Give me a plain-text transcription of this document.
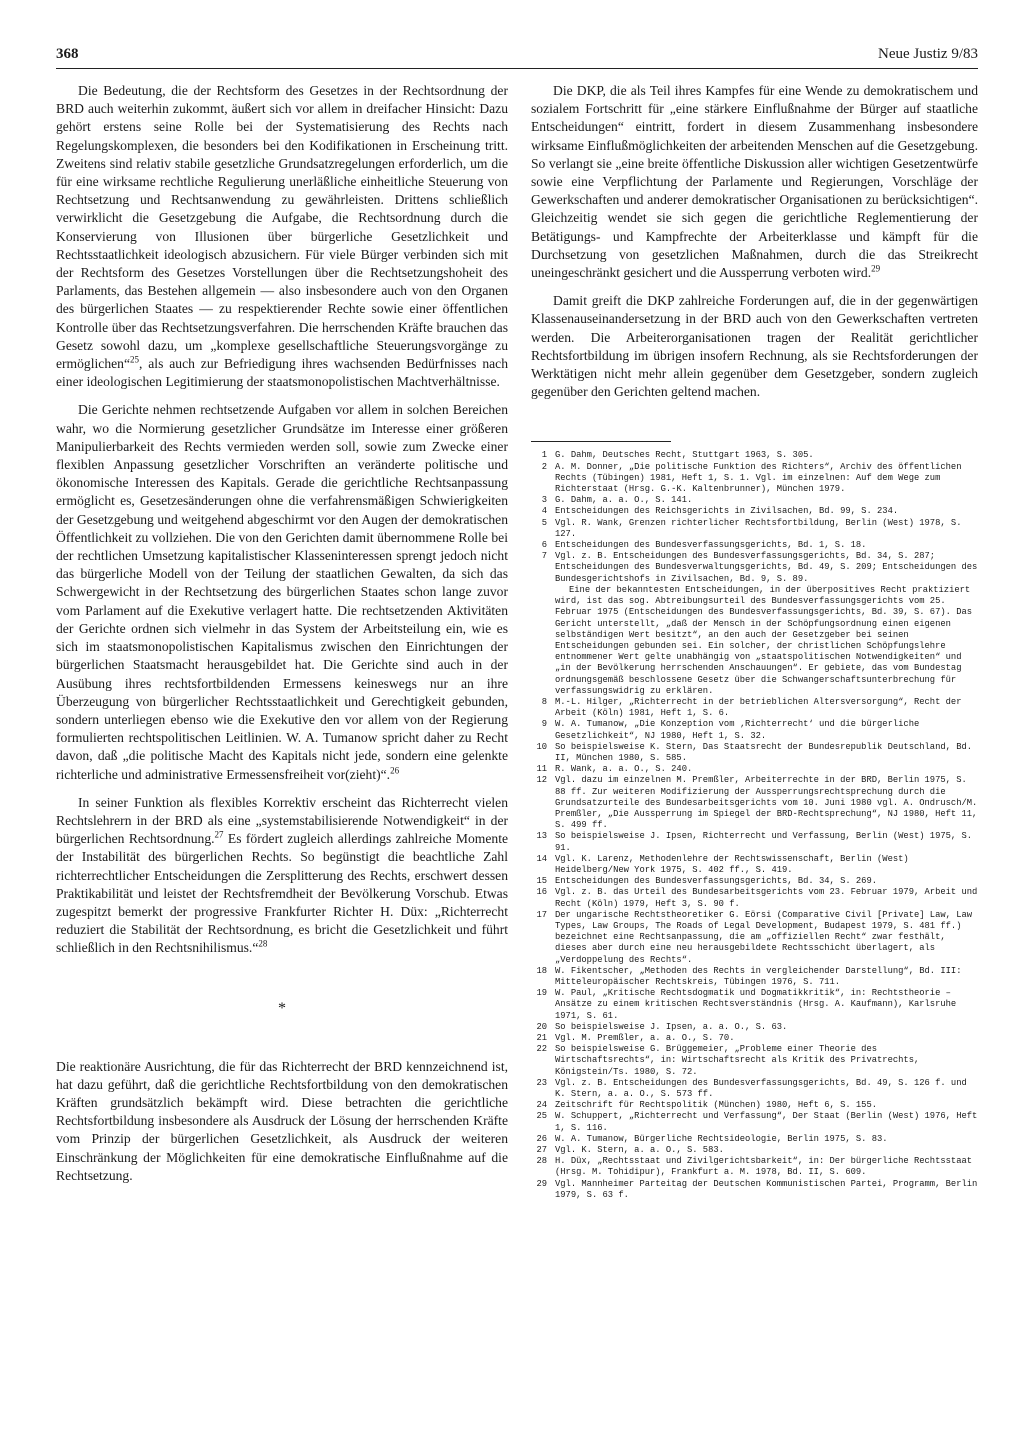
368	Neue Justiz 9/83

Die Bedeutung, die der Rechtsform des Gesetzes in der Rechtsordnung der BRD auch weiterhin zukommt, äußert sich vor allem in dreifacher Hinsicht: Dazu gehört erstens seine Rolle bei der Systematisierung des Rechts nach Regelungskomplexen, die besonders bei den Kodifikationen in Erscheinung tritt. Zweitens sind relativ stabile gesetzliche Grundsatzregelungen erforderlich, um die für eine wirksame rechtliche Regulierung unerläßliche einheitliche Steuerung von Rechtsetzung und Rechtsanwendung zu gewährleisten. Drittens schließlich verwirklicht die Gesetzgebung die Aufgabe, die Rechtsordnung durch die Konservierung von Illusionen über bürgerliche Gesetzlichkeit und Rechtsstaatlichkeit ideologisch abzusichern. Für viele Bürger verbinden sich mit der Rechtsform des Gesetzes Vorstellungen über die Rechtsetzungshoheit des Parlaments, das Bestehen allgemein — also insbesondere auch von den Organen des bürgerlichen Staates — zu respektierender Rechte sowie einer öffentlichen Kontrolle über das Rechtsetzungsverfahren. Die herrschenden Kräfte brauchen das Gesetz sowohl dazu, um „komplexe gesellschaftliche Steuerungsvorgänge zu ermöglichen“$^{25}$, als auch zur Befriedigung ihres wachsenden Bedürfnisses nach einer ideologischen Legitimierung der staatsmonopolistischen Machtverhältnisse.

Die Gerichte nehmen rechtsetzende Aufgaben vor allem in solchen Bereichen wahr, wo die Normierung gesetzlicher Grundsätze im Interesse einer größeren Manipulierbarkeit des Rechts vermieden werden soll, sowie zum Zwecke einer flexiblen Anpassung gesetzlicher Vorschriften an veränderte politische und ökonomische Interessen des Kapitals. Gerade die gerichtliche Rechtsanpassung ermöglicht es, Gesetzesänderungen ohne die verfahrensmäßigen Schwierigkeiten der Gesetzgebung und weitgehend abgeschirmt vor den Augen der demokratischen Öffentlichkeit zu vollziehen. Die von den Gerichten damit übernommene Rolle bei der rechtlichen Umsetzung kapitalistischer Klasseninteressen sprengt jedoch nicht das bürgerliche Modell von der Teilung der staatlichen Gewalten, da sich das Schwergewicht in der Rechtsetzung des bürgerlichen Staates schon lange zuvor vom Parlament auf die Exekutive verlagert hatte. Die rechtsetzenden Aktivitäten der Gerichte ordnen sich vielmehr in das System der Arbeitsteilung ein, wie es sich im staatsmonopolistischen Kapitalismus zwischen den Einrichtungen der bürgerlichen Staatsmacht herausgebildet hat. Die Gerichte sind auch in der Ausübung ihres rechtsfortbildenden Ermessens keineswegs nur an ihre Überzeugung von bürgerlicher Rechtsstaatlichkeit und Gerechtigkeit gebunden, sondern unterliegen ebenso wie die Exekutive den vor allem von der Regierung formulierten rechtspolitischen Leitlinien. W. A. Tumanow spricht daher zu Recht davon, daß „die politische Macht des Kapitals nicht jede, sondern eine gelenkte richterliche und administrative Ermessensfreiheit vor(zieht)“.$^{26}$

In seiner Funktion als flexibles Korrektiv erscheint das Richterrecht vielen Rechtslehrern in der BRD als eine „systemstabilisierende Notwendigkeit“ in der bürgerlichen Rechtsordnung.$^{27}$ Es fördert zugleich allerdings zahlreiche Momente der Instabilität des bürgerlichen Rechts. So begünstigt die beachtliche Zahl richterrechtlicher Entscheidungen die Zersplitterung des Rechts, erschwert dessen Praktikabilität und leistet der Rechtsfremdheit der Bevölkerung Vorschub. Etwas zugespitzt bemerkt der progressive Frankfurter Richter H. Düx: „Richterrecht reduziert die Stabilität der Rechtsordnung, es bricht die Gesetzlichkeit und führt schließlich in den Rechtsnihilismus.“$^{28}$

*

Die reaktionäre Ausrichtung, die für das Richterrecht der BRD kennzeichnend ist, hat dazu geführt, daß die gerichtliche Rechtsfortbildung von den demokratischen Kräften grundsätzlich bekämpft wird. Diese betrachten die gerichtliche Rechtsfortbildung insbesondere als Ausdruck der Lösung der herrschenden Kräfte vom Prinzip der bürgerlichen Gesetzlichkeit, als Ausdruck der weiteren Einschränkung der Möglichkeiten für eine demokratische Einflußnahme auf die Rechtsetzung.

Die DKP, die als Teil ihres Kampfes für eine Wende zu demokratischem und sozialem Fortschritt für „eine stärkere Einflußnahme der Bürger auf staatliche Entscheidungen“ eintritt, fordert in diesem Zusammenhang insbesondere wirksame Einflußmöglichkeiten der arbeitenden Menschen auf die Gesetzgebung. So verlangt sie „eine breite öffentliche Diskussion aller wichtigen Gesetzentwürfe sowie eine Verpflichtung der Parlamente und Regierungen, Vorschläge der Gewerkschaften und anderer demokratischer Organisationen zu berücksichtigen“. Gleichzeitig wendet sie sich gegen die gerichtliche Reglementierung der Betätigungs- und Kampfrechte der Arbeiterklasse und kämpft für die Durchsetzung von gesetzlichen Maßnahmen, durch die das Streikrecht uneingeschränkt gesichert und die Aussperrung verboten wird.$^{29}$

Damit greift die DKP zahlreiche Forderungen auf, die in der gegenwärtigen Klassenauseinandersetzung in der BRD auch von den Gewerkschaften vertreten werden. Die Arbeiterorganisationen tragen der Realität gerichtlicher Rechtsfortbildung im übrigen insofern Rechnung, als sie Rechtsforderungen der Werktätigen nicht mehr allein gegenüber dem Gesetzgeber, sondern zugleich gegenüber den Gerichten geltend machen.

1 G. Dahm, Deutsches Recht, Stuttgart 1963, S. 305.
2 A. M. Donner, „Die politische Funktion des Richters“, Archiv des öffentlichen Rechts (Tübingen) 1981, Heft 1, S. 1. Vgl. im einzelnen: Auf dem Wege zum Richterstaat (Hrsg. G.-K. Kaltenbrunner), München 1979.
3 G. Dahm, a. a. O., S. 141.
4 Entscheidungen des Reichsgerichts in Zivilsachen, Bd. 99, S. 234.
5 Vgl. R. Wank, Grenzen richterlicher Rechtsfortbildung, Berlin (West) 1978, S. 127.
6 Entscheidungen des Bundesverfassungsgerichts, Bd. 1, S. 18.
7 Vgl. z. B. Entscheidungen des Bundesverfassungsgerichts, Bd. 34, S. 287; Entscheidungen des Bundesverwaltungsgerichts, Bd. 49, S. 209; Entscheidungen des Bundesgerichtshofs in Zivilsachen, Bd. 9, S. 89.

Eine der bekanntesten Entscheidungen, in der überpositives Recht praktiziert wird, ist das sog. Abtreibungsurteil des Bundesverfassungsgerichts vom 25. Februar 1975 (Entscheidungen des Bundesverfassungsgerichts, Bd. 39, S. 67). Das Gericht unterstellt, „daß der Mensch in der Schöpfungsordnung einen eigenen selbständigen Wert besitzt“, an den auch der Gesetzgeber bei seinen Entscheidungen gebunden sei. Ein solcher, der christlichen Schöpfungslehre entnommener Wert gelte unabhängig von „staatspolitischen Notwendigkeiten“ und „in der Bevölkerung herrschenden Anschauungen“. Er gebiete, das vom Bundestag ordnungsgemäß beschlossene Gesetz über die Schwangerschaftsunterbrechung für verfassungswidrig zu erklären.

8 M.-L. Hilger, „Richterrecht in der betrieblichen Altersversorgung“, Recht der Arbeit (Köln) 1981, Heft 1, S. 6.
9 W. A. Tumanow, „Die Konzeption vom ‚Richterrecht‘ und die bürgerliche Gesetzlichkeit“, NJ 1980, Heft 1, S. 32.
10 So beispielsweise K. Stern, Das Staatsrecht der Bundesrepublik Deutschland, Bd. II, München 1980, S. 585.
11 R. Wank, a. a. O., S. 240.
12 Vgl. dazu im einzelnen M. Premßler, Arbeiterrechte in der BRD, Berlin 1975, S. 88 ff. Zur weiteren Modifizierung der Aussperrungsrechtsprechung durch die Grundsatzurteile des Bundesarbeitsgerichts vom 10. Juni 1980 vgl. A. Ondrusch/M. Premßler, „Die Aussperrung im Spiegel der BRD-Rechtsprechung“, NJ 1980, Heft 11, S. 499 ff.
13 So beispielsweise J. Ipsen, Richterrecht und Verfassung, Berlin (West) 1975, S. 91.
14 Vgl. K. Larenz, Methodenlehre der Rechtswissenschaft, Berlin (West) Heidelberg/New York 1975, S. 402 ff., S. 419.
15 Entscheidungen des Bundesverfassungsgerichts, Bd. 34, S. 269.
16 Vgl. z. B. das Urteil des Bundesarbeitsgerichts vom 23. Februar 1979, Arbeit und Recht (Köln) 1979, Heft 3, S. 90 f.
17 Der ungarische Rechtstheoretiker G. Eörsi (Comparative Civil [Private] Law, Law Types, Law Groups, The Roads of Legal Development, Budapest 1979, S. 481 ff.) bezeichnet eine Rechtsanpassung, die am „offiziellen Recht“ zwar festhält, dieses aber durch eine neu herausgebildete Rechtsschicht überlagert, als „Verdoppelung des Rechts“.
18 W. Fikentscher, „Methoden des Rechts in vergleichender Darstellung“, Bd. III: Mitteleuropäischer Rechtskreis, Tübingen 1976, S. 711.
19 W. Paul, „Kritische Rechtsdogmatik und Dogmatikkritik“, in: Rechtstheorie – Ansätze zu einem kritischen Rechtsverständnis (Hrsg. A. Kaufmann), Karlsruhe 1971, S. 61.
20 So beispielsweise J. Ipsen, a. a. O., S. 63.
21 Vgl. M. Premßler, a. a. O., S. 70.
22 So beispielsweise G. Brüggemeier, „Probleme einer Theorie des Wirtschaftsrechts“, in: Wirtschaftsrecht als Kritik des Privatrechts, Königstein/Ts. 1980, S. 72.
23 Vgl. z. B. Entscheidungen des Bundesverfassungsgerichts, Bd. 49, S. 126 f. und K. Stern, a. a. O., S. 573 ff.
24 Zeitschrift für Rechtspolitik (München) 1980, Heft 6, S. 155.
25 W. Schuppert, „Richterrecht und Verfassung“, Der Staat (Berlin (West) 1976, Heft 1, S. 116.
26 W. A. Tumanow, Bürgerliche Rechtsideologie, Berlin 1975, S. 83.
27 Vgl. K. Stern, a. a. O., S. 583.
28 H. Düx, „Rechtsstaat und Zivilgerichtsbarkeit“, in: Der bürgerliche Rechtsstaat (Hrsg. M. Tohidipur), Frankfurt a. M. 1978, Bd. II, S. 609.
29 Vgl. Mannheimer Parteitag der Deutschen Kommunistischen Partei, Programm, Berlin 1979, S. 63 f.
